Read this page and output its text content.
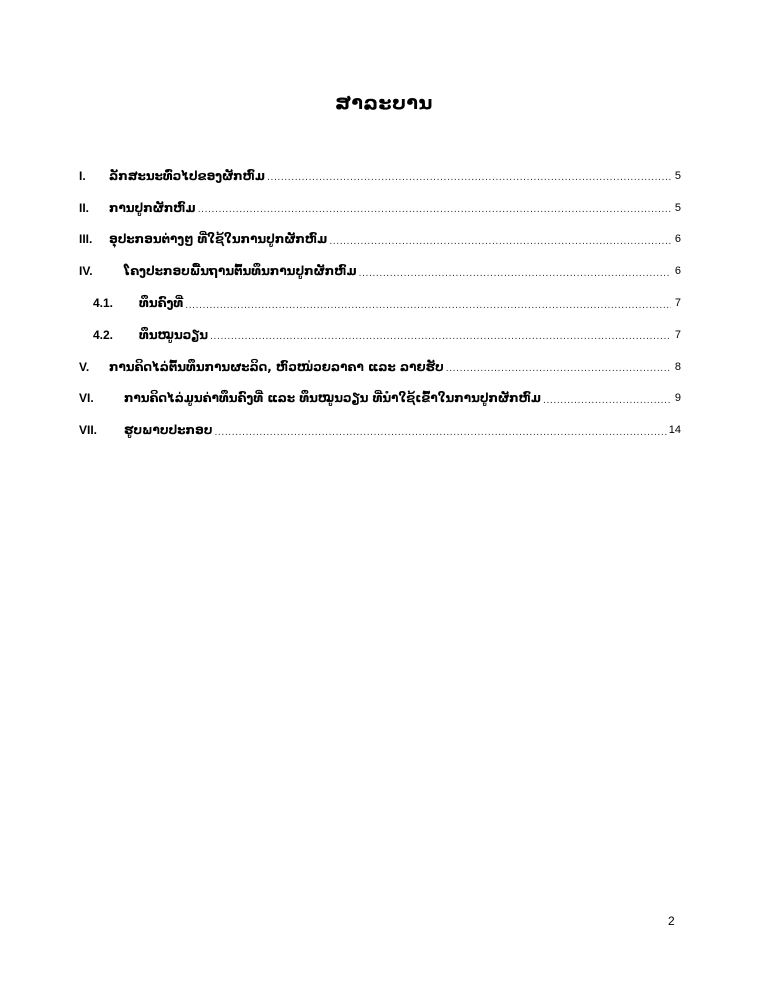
ສາລະບານ
I.	ລັກສະນະທົ່ວໄປຂອງຜັກຫົມ .....	5
II.	ການປູກຜັກຫົມ .....	5
III.	ອຸປະກອນຕ່າງໆ ທີ່ໃຊ້ໃນການປູກຜັກຫົມ .....	6
IV.	ໂຄງປະກອບພື້ນຖານຕົ້ນທຶນການປູກຜັກຫົມ .....	6
4.1.	ທຶນຄົງທີ່ .....	7
4.2.	ທຶນໝູນວຽນ .....	7
V.	ການຄິດໄລ່ຕົ້ນທຶນການຜະລິດ, ຫົວໜ່ວຍລາຄາ ແລະ ລາຍຮັບ .....	8
VI.	ການຄິດໄລ່ມູນຄ່າທຶນຄົງທີ່ ແລະ ທຶນໝູນວຽນ ທີ່ນຳໃຊ້ເຂົ້າໃນການປູກຜັກຫົມ .....	9
VII.	ຮູບພາບປະກອບ .....	14
2
